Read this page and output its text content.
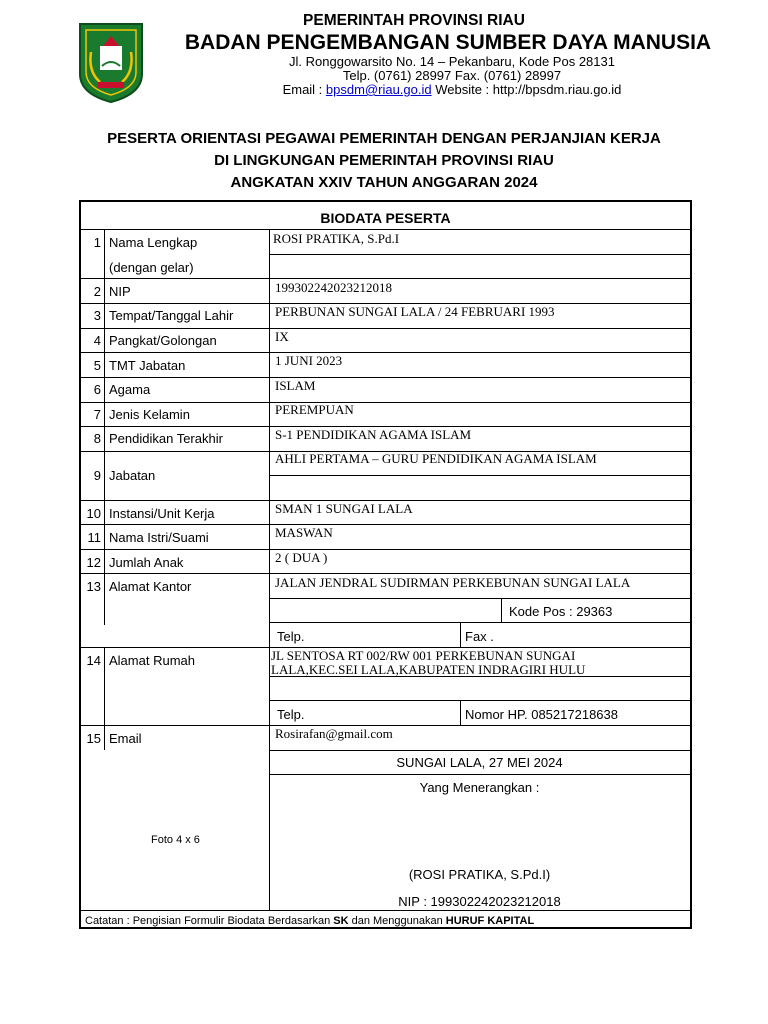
PEMERINTAH PROVINSI RIAU
BADAN PENGEMBANGAN SUMBER DAYA MANUSIA
Jl. Ronggowarsito No. 14 – Pekanbaru, Kode Pos 28131
Telp. (0761) 28997 Fax. (0761) 28997
Email : bpsdm@riau.go.id Website : http://bpsdm.riau.go.id
PESERTA ORIENTASI PEGAWAI PEMERINTAH DENGAN PERJANJIAN KERJA
DI LINGKUNGAN PEMERINTAH PROVINSI RIAU
ANGKATAN XXIV TAHUN ANGGARAN 2024
BIODATA PESERTA
1 Nama Lengkap
(dengan gelar)
ROSI PRATIKA, S.Pd.I
2 NIP	199302242023212018
3 Tempat/Tanggal Lahir	PERBUNAN SUNGAI LALA / 24 FEBRUARI 1993
4 Pangkat/Golongan	IX
5 TMT Jabatan	1 JUNI 2023
6 Agama	ISLAM
7 Jenis Kelamin	PEREMPUAN
8 Pendidikan Terakhir	S-1 PENDIDIKAN AGAMA ISLAM
9 Jabatan
AHLI PERTAMA – GURU PENDIDIKAN AGAMA ISLAM
10 Instansi/Unit Kerja	SMAN 1 SUNGAI LALA
11 Nama Istri/Suami	MASWAN
12 Jumlah Anak	2 ( DUA )
13 Alamat Kantor	JALAN JENDRAL SUDIRMAN PERKEBUNAN SUNGAI LALA
Kode Pos : 29363
Telp.	Fax .
14 Alamat Rumah	JL SENTOSA RT 002/RW 001 PERKEBUNAN SUNGAI
LALA,KEC.SEI LALA,KABUPATEN INDRAGIRI HULU
Telp.	Nomor HP. 085217218638
15 Email	Rosirafan@gmail.com
Foto 4 x 6
SUNGAI LALA, 27 MEI 2024
Yang Menerangkan :
(ROSI PRATIKA, S.Pd.I)
NIP : 199302242023212018
Catatan : Pengisian Formulir Biodata Berdasarkan SK dan Menggunakan HURUF KAPITAL
